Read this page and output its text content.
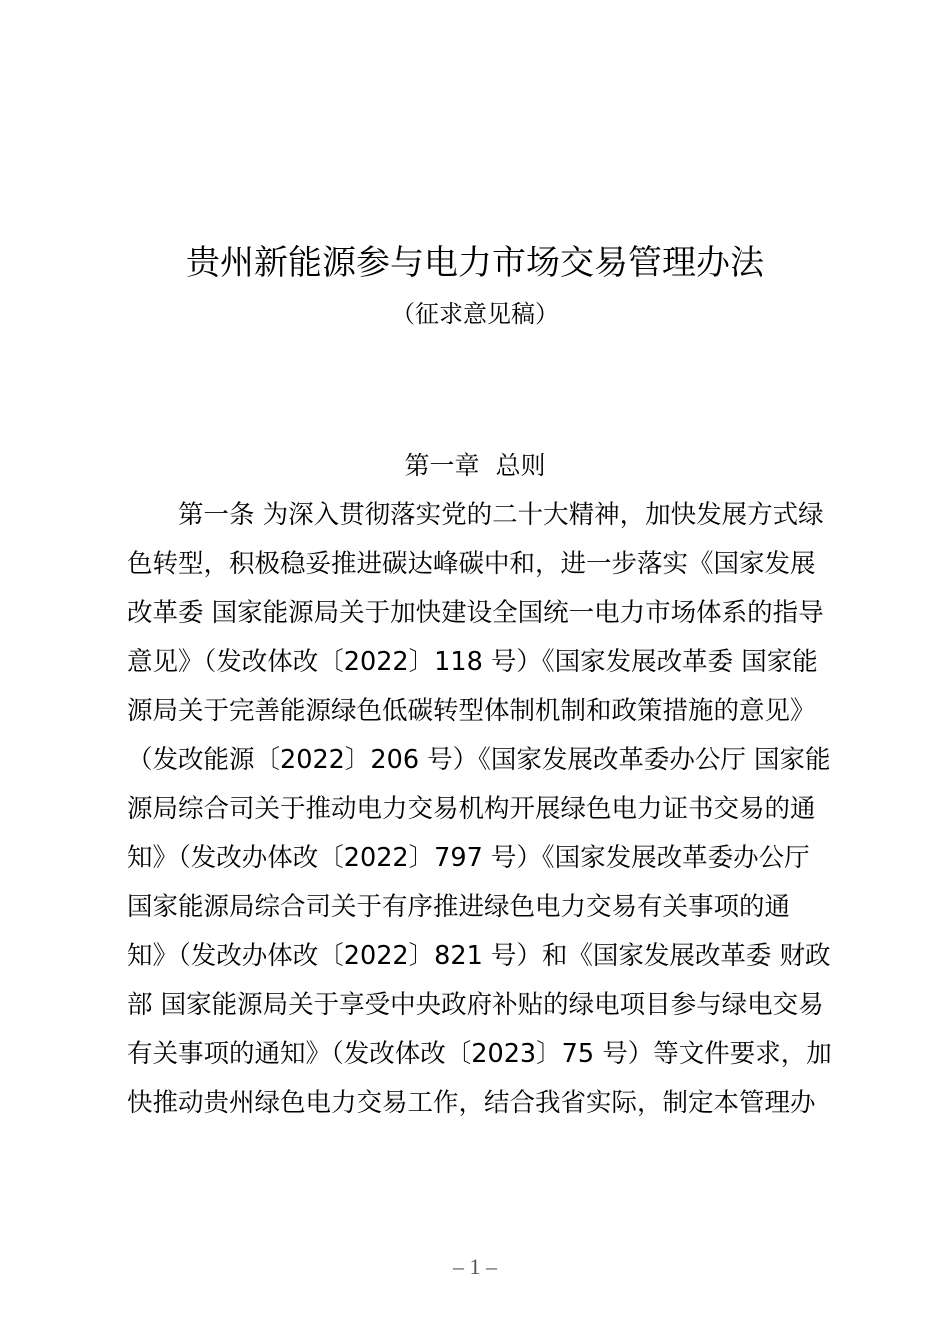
贵州新能源参与电力市场交易管理办法
（征求意见稿）
第一章  总则
第一条 为深入贯彻落实党的二十大精神，加快发展方式绿
色转型，积极稳妥推进碳达峰碳中和，进一步落实《国家发展
改革委 国家能源局关于加快建设全国统一电力市场体系的指导
意见》（发改体改〔2022〕118 号）《国家发展改革委 国家能
源局关于完善能源绿色低碳转型体制机制和政策措施的意见》
（发改能源〔2022〕206 号）《国家发展改革委办公厅 国家能
源局综合司关于推动电力交易机构开展绿色电力证书交易的通
知》（发改办体改〔2022〕797 号）《国家发展改革委办公厅
国家能源局综合司关于有序推进绿色电力交易有关事项的通
知》（发改办体改〔2022〕821 号）和《国家发展改革委 财政
部 国家能源局关于享受中央政府补贴的绿电项目参与绿电交易
有关事项的通知》（发改体改〔2023〕75 号）等文件要求，加
快推动贵州绿色电力交易工作，结合我省实际，制定本管理办
– 1 –
